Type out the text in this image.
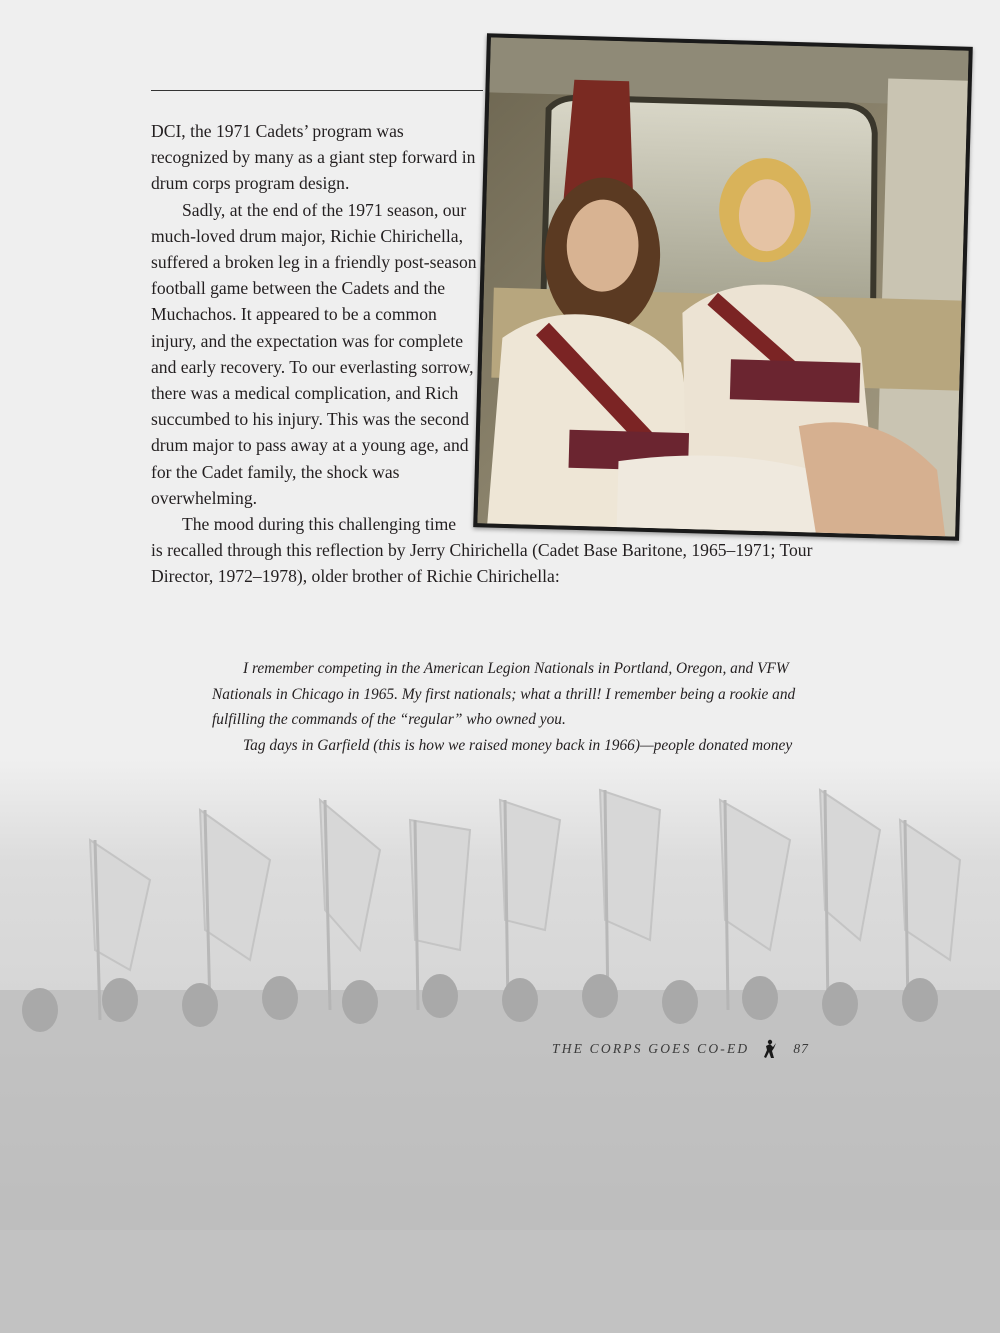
DCI, the 1971 Cadets’ program was recognized by many as a giant step forward in drum corps program design.

Sadly, at the end of the 1971 season, our much-loved drum major, Richie Chirichella, suffered a broken leg in a friendly post-season football game between the Cadets and the Muchachos. It appeared to be a common injury, and the expectation was for complete and early recovery. To our everlasting sorrow, there was a medical complication, and Rich succumbed to his injury. This was the second drum major to pass away at a young age, and for the Cadet family, the shock was overwhelming.

The mood during this challenging time

is recalled through this reflection by Jerry Chirichella (Cadet Base Baritone, 1965–1971; Tour Director, 1972–1978), older brother of Richie Chirichella:

I remember competing in the American Legion Nationals in Portland, Oregon, and VFW Nationals in Chicago in 1965. My first nationals; what a thrill! I remember being a rookie and fulfilling the commands of the “regular” who owned you.

Tag days in Garfield (this is how we raised money back in 1966)—people donated money

THE CORPS GOES CO-ED	87
